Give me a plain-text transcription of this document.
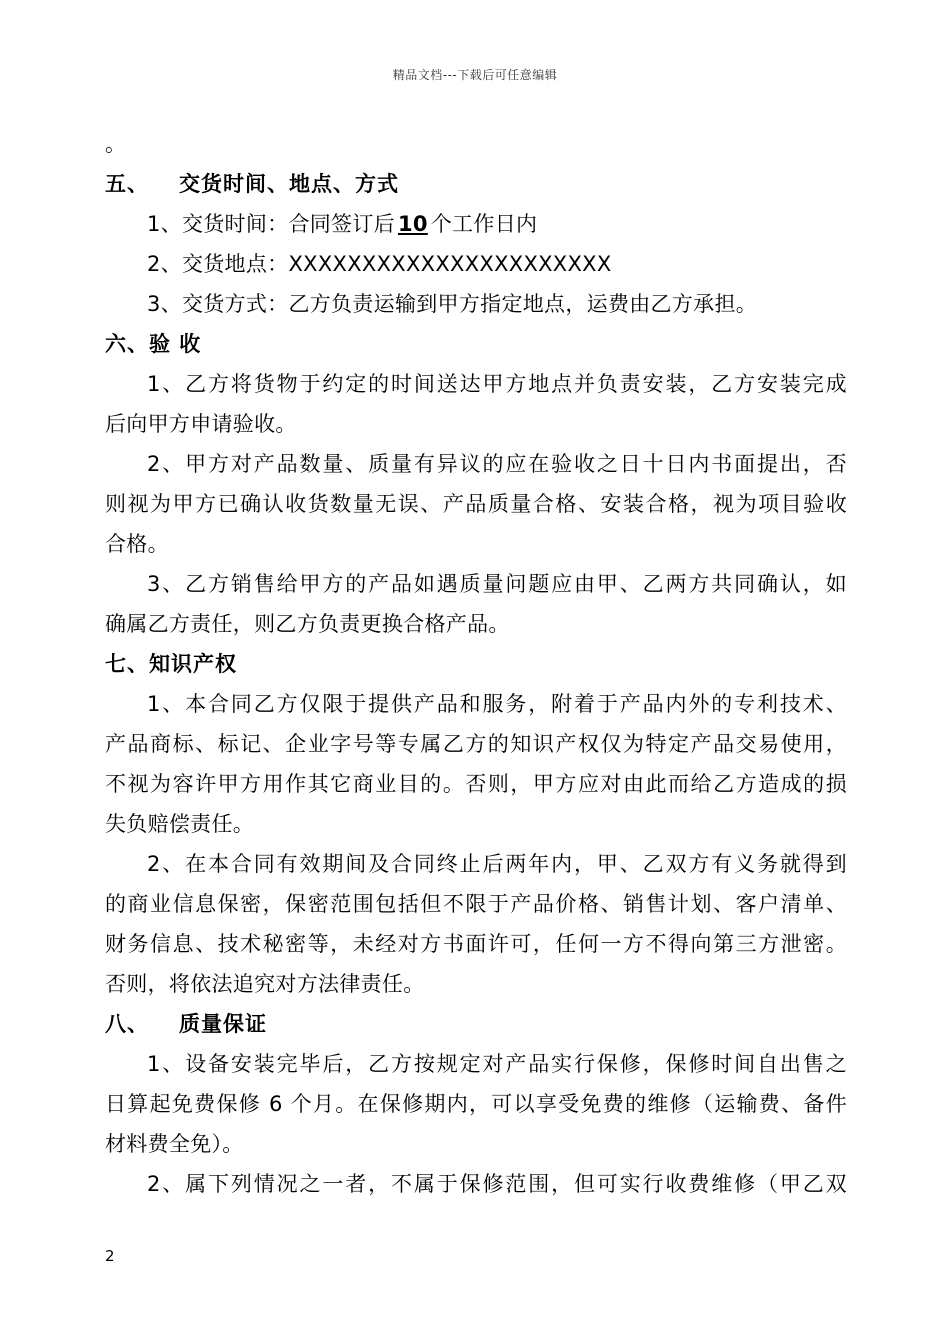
精品文档---下载后可任意编辑
。
五、 交货时间、地点、方式
1、交货时间：合同签订后 10 个工作日内
2、交货地点：XXXXXXXXXXXXXXXXXXXXXX
3、交货方式：乙方负责运输到甲方指定地点，运费由乙方承担。
六、验 收
1、乙方将货物于约定的时间送达甲方地点并负责安装，乙方安装完成
后向甲方申请验收。
2、甲方对产品数量、质量有异议的应在验收之日十日内书面提出，否
则视为甲方已确认收货数量无误、产品质量合格、安装合格，视为项目验收
合格。
3、乙方销售给甲方的产品如遇质量问题应由甲、乙两方共同确认，如
确属乙方责任，则乙方负责更换合格产品。
七、知识产权
1、本合同乙方仅限于提供产品和服务，附着于产品内外的专利技术、
产品商标、标记、企业字号等专属乙方的知识产权仅为特定产品交易使用，
不视为容许甲方用作其它商业目的。否则，甲方应对由此而给乙方造成的损
失负赔偿责任。
2、在本合同有效期间及合同终止后两年内，甲、乙双方有义务就得到
的商业信息保密，保密范围包括但不限于产品价格、销售计划、客户清单、
财务信息、技术秘密等，未经对方书面许可，任何一方不得向第三方泄密。
否则，将依法追究对方法律责任。
八、 质量保证
1、设备安装完毕后，乙方按规定对产品实行保修，保修时间自出售之
日算起免费保修 6 个月。在保修期内，可以享受免费的维修（运输费、备件
材料费全免）。
2、属下列情况之一者，不属于保修范围，但可实行收费维修（甲乙双
2
